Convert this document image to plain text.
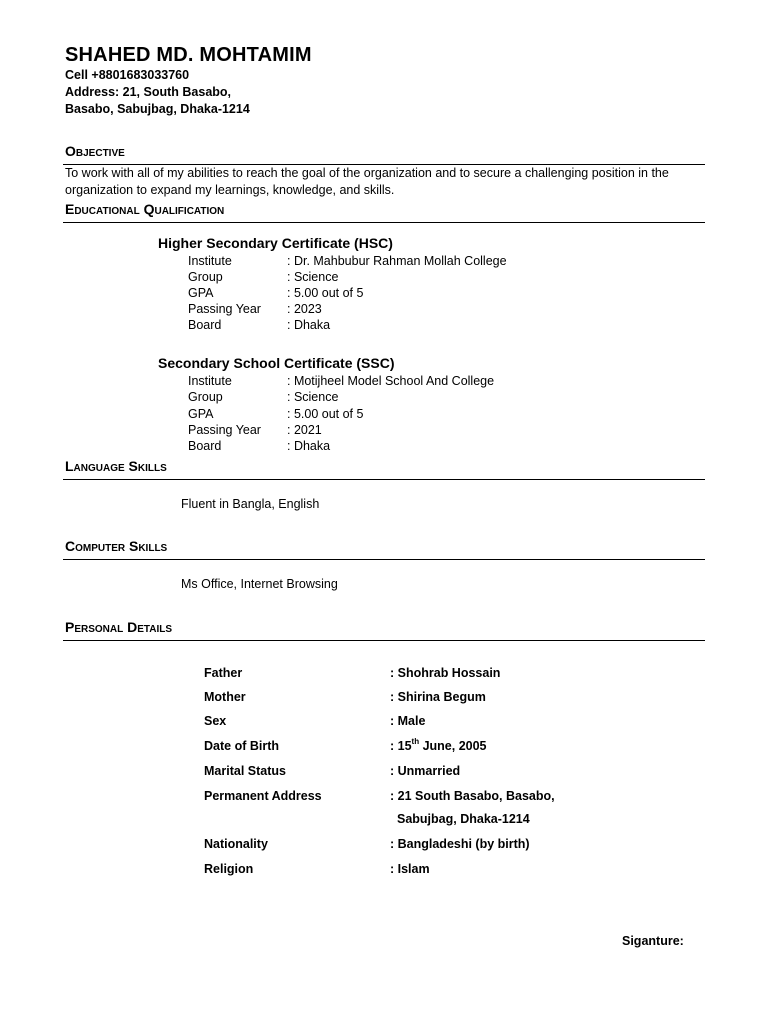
SHAHED MD. MOHTAMIM
Cell +8801683033760
Address: 21, South Basabo,
Basabo, Sabujbag, Dhaka-1214
Objective
To work with all of my abilities to reach the goal of the organization and to secure a challenging position in the organization to expand my learnings, knowledge, and skills.
Educational Qualification
Higher Secondary Certificate (HSC)
Institute	: Dr. Mahbubur Rahman Mollah College
Group	: Science
GPA	: 5.00 out of 5
Passing Year : 2023
Board	: Dhaka
Secondary School Certificate (SSC)
Institute	: Motijheel Model School And College
Group	: Science
GPA	: 5.00 out of 5
Passing Year : 2021
Board	: Dhaka
Language Skills
Fluent in Bangla, English
Computer Skills
Ms Office, Internet Browsing
Personal Details
Father	: Shohrab Hossain
Mother	: Shirina Begum
Sex	: Male
Date of Birth	: 15th June, 2005
Marital Status	: Unmarried
Permanent Address	: 21 South Basabo, Basabo,
Sabujbag, Dhaka-1214
Nationality	: Bangladeshi (by birth)
Religion	: Islam
Siganture:
